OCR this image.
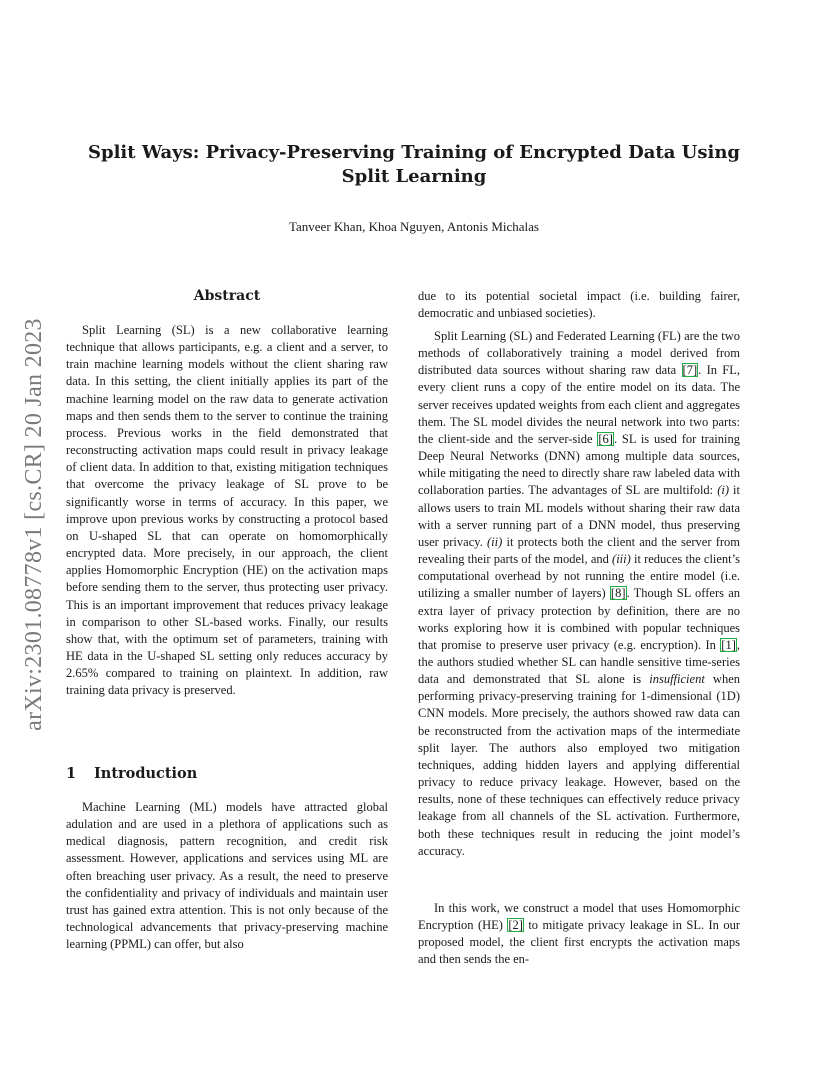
arXiv:2301.08778v1 [cs.CR] 20 Jan 2023
Split Ways: Privacy-Preserving Training of Encrypted Data Using
Split Learning
Tanveer Khan, Khoa Nguyen, Antonis Michalas
Abstract

Split Learning (SL) is a new collaborative learning technique that allows participants, e.g. a client and a server, to train machine learning models without the client sharing raw data. In this setting, the client initially applies its part of the machine learning model on the raw data to generate activation maps and then sends them to the server to continue the training process. Previous works in the field demonstrated that reconstructing activation maps could result in privacy leakage of client data. In addition to that, existing mitigation techniques that overcome the privacy leakage of SL prove to be significantly worse in terms of accuracy. In this paper, we improve upon previous works by constructing a protocol based on U-shaped SL that can operate on homomorphically encrypted data. More precisely, in our approach, the client applies Homomorphic Encryption (HE) on the activation maps before sending them to the server, thus protecting user privacy. This is an important improvement that reduces privacy leakage in comparison to other SL-based works. Finally, our results show that, with the optimum set of parameters, training with HE data in the U-shaped SL setting only reduces accuracy by 2.65% compared to training on plaintext. In addition, raw training data privacy is preserved.

1 Introduction

Machine Learning (ML) models have attracted global adulation and are used in a plethora of applications such as medical diagnosis, pattern recognition, and credit risk assessment. However, applications and services using ML are often breaching user privacy. As a result, the need to preserve the confidentiality and privacy of individuals and maintain user trust has gained extra attention. This is not only because of the technological advancements that privacy-preserving machine learning (PPML) can offer, but also

due to its potential societal impact (i.e. building fairer, democratic and unbiased societies).

Split Learning (SL) and Federated Learning (FL) are the two methods of collaboratively training a model derived from distributed data sources without sharing raw data [7]. In FL, every client runs a copy of the entire model on its data. The server receives updated weights from each client and aggregates them. The SL model divides the neural network into two parts: the client-side and the server-side [6]. SL is used for training Deep Neural Networks (DNN) among multiple data sources, while mitigating the need to directly share raw labeled data with collaboration parties. The advantages of SL are multifold: (i) it allows users to train ML models without sharing their raw data with a server running part of a DNN model, thus preserving user privacy. (ii) it protects both the client and the server from revealing their parts of the model, and (iii) it reduces the client’s computational overhead by not running the entire model (i.e. utilizing a smaller number of layers) [8]. Though SL offers an extra layer of privacy protection by definition, there are no works exploring how it is combined with popular techniques that promise to preserve user privacy (e.g. encryption). In [1], the authors studied whether SL can handle sensitive time-series data and demonstrated that SL alone is insufficient when performing privacy-preserving training for 1-dimensional (1D) CNN models. More precisely, the authors showed raw data can be reconstructed from the activation maps of the intermediate split layer. The authors also employed two mitigation techniques, adding hidden layers and applying differential privacy to reduce privacy leakage. However, based on the results, none of these techniques can effectively reduce privacy leakage from all channels of the SL activation. Furthermore, both these techniques result in reducing the joint model’s accuracy.

In this work, we construct a model that uses Homomorphic Encryption (HE) [2] to mitigate privacy leakage in SL. In our proposed model, the client first encrypts the activation maps and then sends the en-
